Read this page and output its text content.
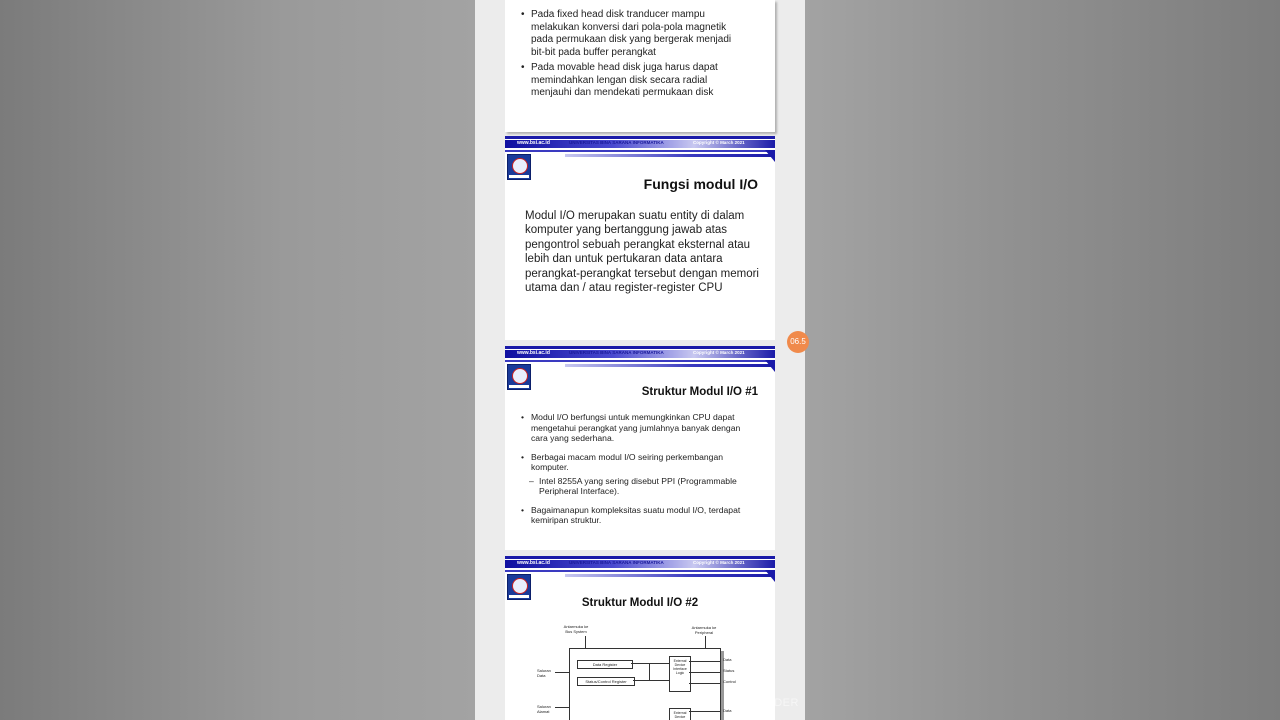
• Pada fixed head disk tranducer mampu melakukan konversi dari pola-pola magnetik pada permukaan disk yang bergerak menjadi bit-bit pada buffer perangkat
• Pada movable head disk juga harus dapat memindahkan lengan disk secara radial menjauhi dan mendekati permukaan disk
www.bsi.ac.id	UNIVERSITAS BINA SARANA INFORMATIKA	Copyright © March 2021
Fungsi modul I/O
Modul I/O merupakan suatu entity di dalam komputer yang bertanggung jawab atas pengontrol sebuah perangkat eksternal atau lebih dan untuk pertukaran data antara perangkat-perangkat tersebut dengan memori utama dan / atau register-register CPU
www.bsi.ac.id	UNIVERSITAS BINA SARANA INFORMATIKA	Copyright © March 2021
Struktur Modul I/O #1
• Modul I/O berfungsi untuk memungkinkan CPU dapat mengetahui perangkat yang jumlahnya banyak dengan cara yang sederhana.
• Berbagai macam modul I/O seiring perkembangan komputer.
– Intel 8255A yang sering disebut PPI (Programmable Peripheral Interface).
• Bagaimanapun kompleksitas suatu modul I/O, terdapat kemiripan struktur.
www.bsi.ac.id	UNIVERSITAS BINA SARANA INFORMATIKA	Copyright © March 2021
Struktur Modul I/O #2
Antarmuka ke Bus System
Antarmuka ke Peripheral
Data Register
Status/Control Register
External Device Interface Logic
External Device
Saluran Data
Saluran Alamat
Data
Status
Control
Data
06.5
RECORDER
